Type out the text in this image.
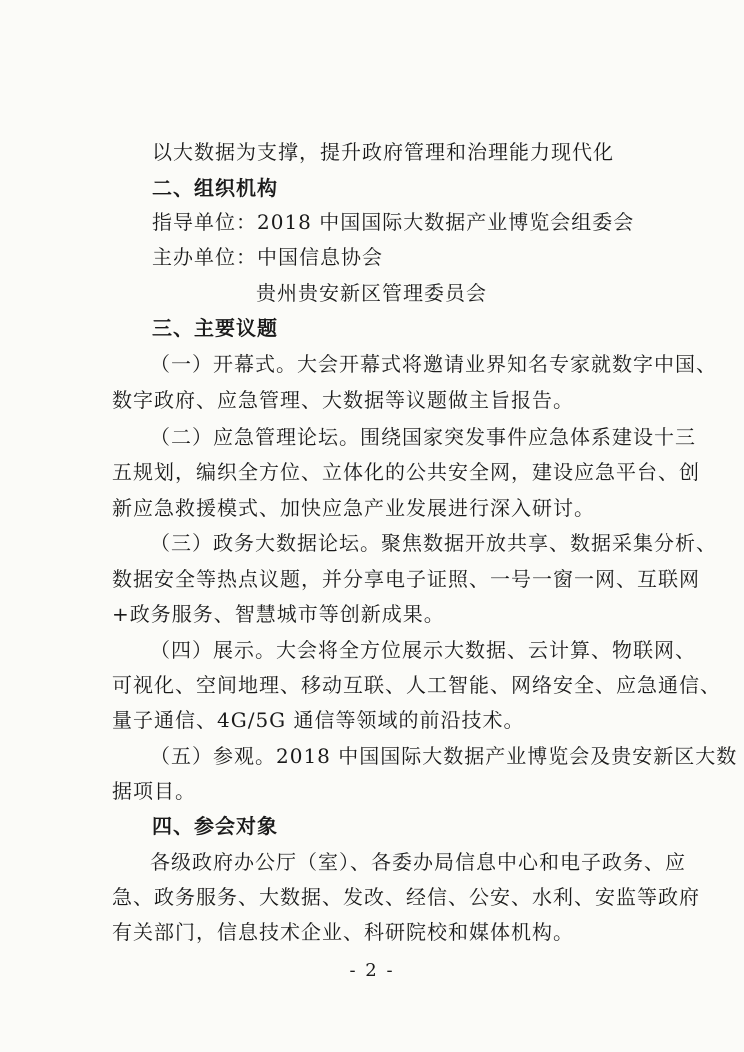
以大数据为支撑，提升政府管理和治理能力现代化
二、组织机构
指导单位：2018 中国国际大数据产业博览会组委会
主办单位：中国信息协会
贵州贵安新区管理委员会
三、主要议题
（一）开幕式。大会开幕式将邀请业界知名专家就数字中国、
数字政府、应急管理、大数据等议题做主旨报告。
（二）应急管理论坛。围绕国家突发事件应急体系建设十三
五规划，编织全方位、立体化的公共安全网，建设应急平台、创
新应急救援模式、加快应急产业发展进行深入研讨。
（三）政务大数据论坛。聚焦数据开放共享、数据采集分析、
数据安全等热点议题，并分享电子证照、一号一窗一网、互联网
+政务服务、智慧城市等创新成果。
（四）展示。大会将全方位展示大数据、云计算、物联网、
可视化、空间地理、移动互联、人工智能、网络安全、应急通信、
量子通信、4G/5G 通信等领域的前沿技术。
（五）参观。2018 中国国际大数据产业博览会及贵安新区大数
据项目。
四、参会对象
各级政府办公厅（室）、各委办局信息中心和电子政务、应
急、政务服务、大数据、发改、经信、公安、水利、安监等政府
有关部门，信息技术企业、科研院校和媒体机构。
- 2 -
